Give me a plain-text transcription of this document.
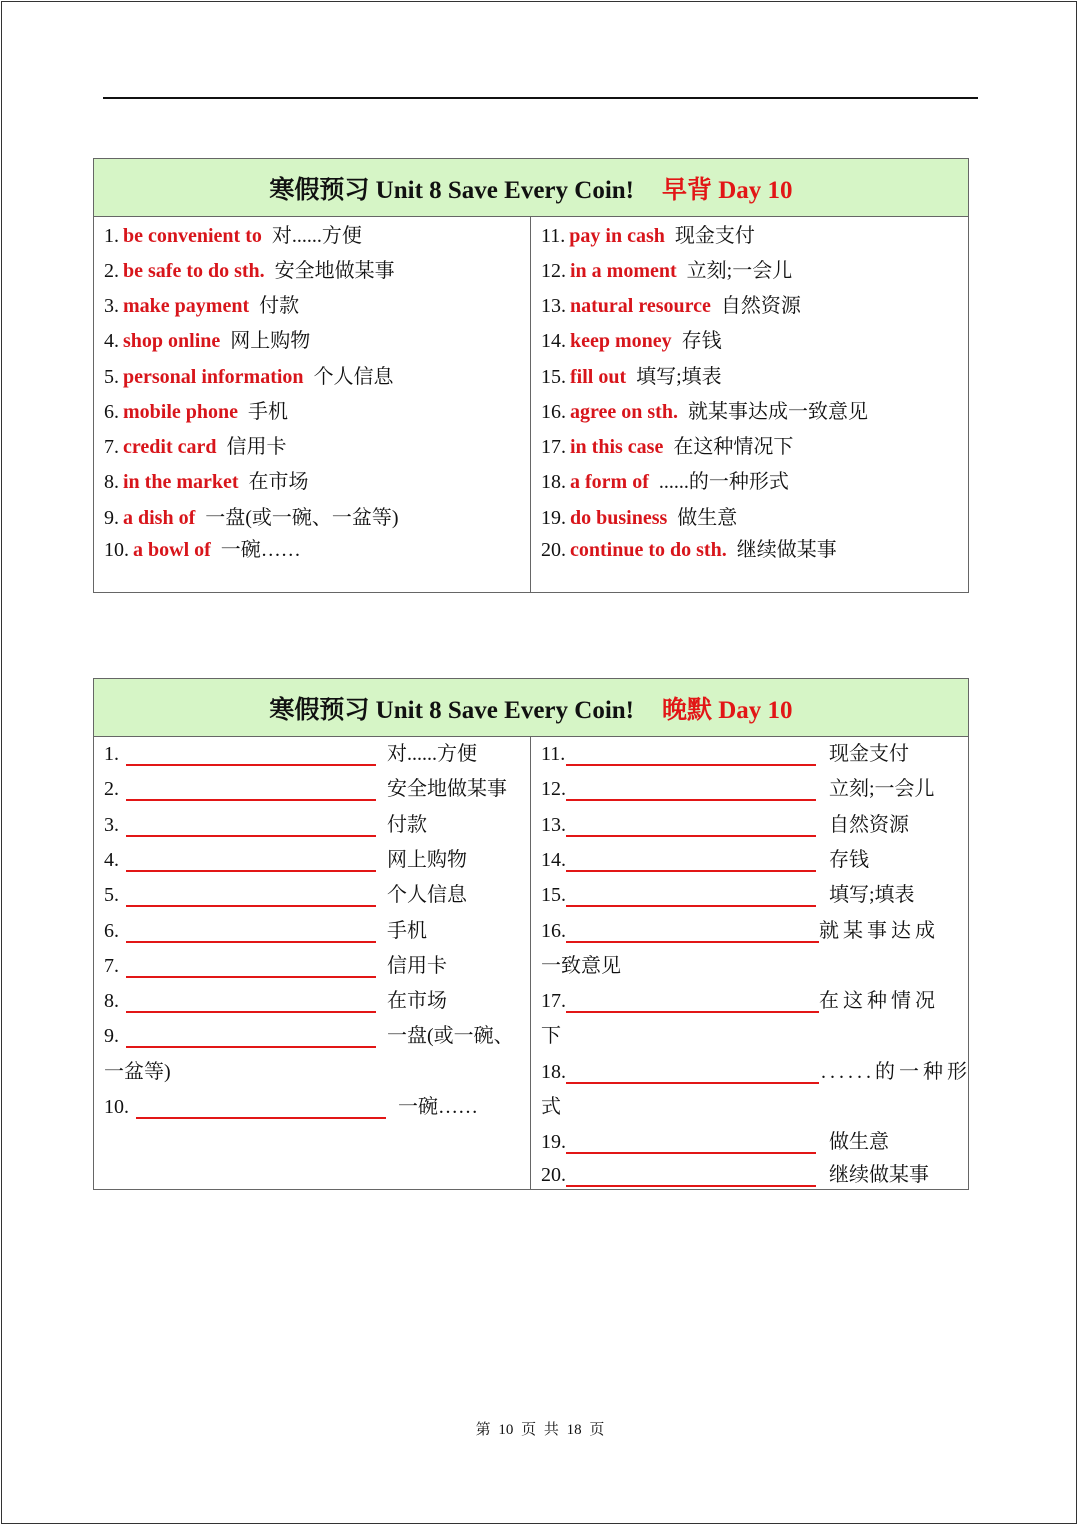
寒假预习 Unit 8 Save Every Coin! 早背 Day 10
1. be convenient to 对......方便
2. be safe to do sth. 安全地做某事
3. make payment 付款
4. shop online 网上购物
5. personal information 个人信息
6. mobile phone 手机
7. credit card 信用卡
8. in the market 在市场
9. a dish of 一盘(或一碗、一盆等)
10. a bowl of 一碗……
11. pay in cash 现金支付
12. in a moment 立刻;一会儿
13. natural resource 自然资源
14. keep money 存钱
15. fill out 填写;填表
16. agree on sth. 就某事达成一致意见
17. in this case 在这种情况下
18. a form of ......的一种形式
19. do business 做生意
20. continue to do sth. 继续做某事
寒假预习 Unit 8 Save Every Coin! 晚默 Day 10
1.	对......方便
2.	安全地做某事
3.	付款
4.	网上购物
5.	个人信息
6.	手机
7.	信用卡
8.	在市场
9.	一盘(或一碗、
一盆等)
10.	一碗……
11.	现金支付
12.	立刻;一会儿
13.	自然资源
14.	存钱
15.	填写;填表
16.	就某事达成
一致意见
17.	在这种情况
下
18.	......的一种形
式
19.	做生意
20.	继续做某事
第 10 页 共 18 页
